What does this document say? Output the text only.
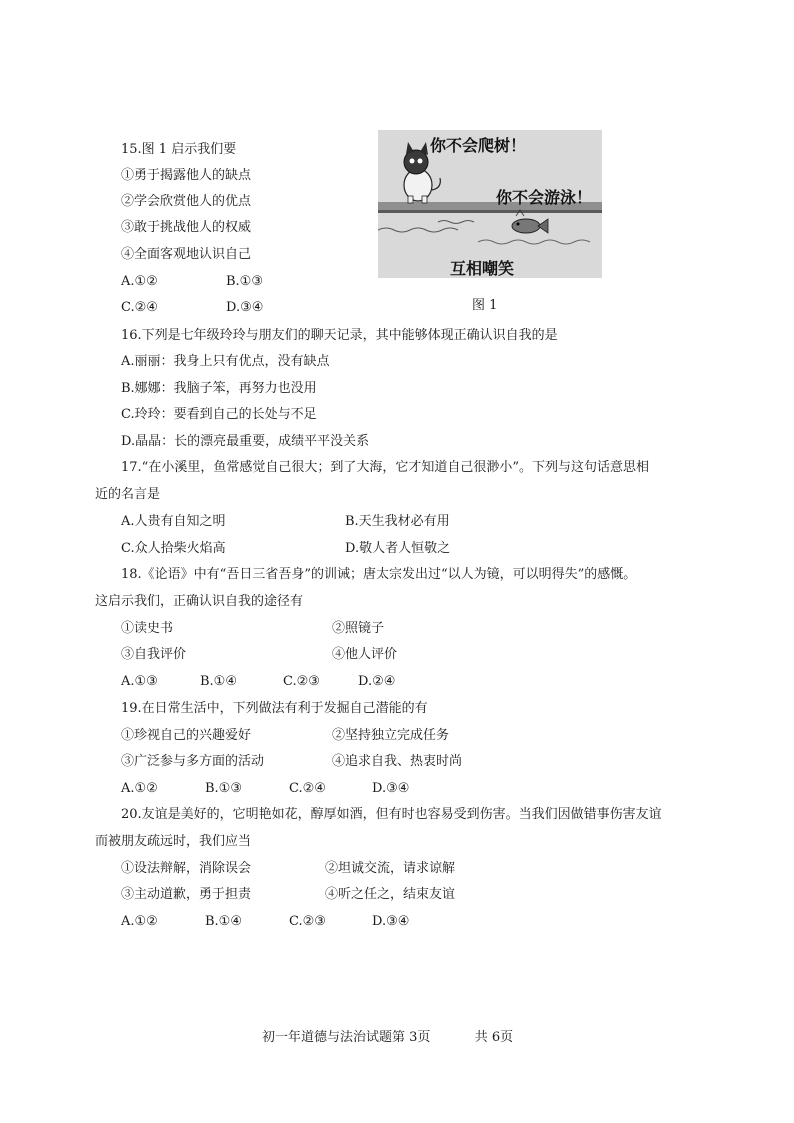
15.图 1 启示我们要
①勇于揭露他人的缺点
②学会欣赏他人的优点
③敢于挑战他人的权威
④全面客观地认识自己
A.①②	B.①③
C.②④	D.③④
你不会爬树！
你不会游泳！
互相嘲笑
图 1
16.下列是七年级玲玲与朋友们的聊天记录，其中能够体现正确认识自我的是
A.丽丽：我身上只有优点，没有缺点
B.娜娜：我脑子笨，再努力也没用
C.玲玲：要看到自己的长处与不足
D.晶晶：长的漂亮最重要，成绩平平没关系
17.“在小溪里，鱼常感觉自己很大；到了大海，它才知道自己很渺小”。下列与这句话意思相
近的名言是
A.人贵有自知之明	B.天生我材必有用
C.众人拾柴火焰高	D.敬人者人恒敬之
18.《论语》中有“吾日三省吾身”的训诫；唐太宗发出过“以人为镜，可以明得失”的感慨。
这启示我们，正确认识自我的途径有
①读史书	②照镜子
③自我评价	④他人评价
A.①③	B.①④	C.②③	D.②④
19.在日常生活中，下列做法有利于发掘自己潜能的有
①珍视自己的兴趣爱好	②坚持独立完成任务
③广泛参与多方面的活动	④追求自我、热衷时尚
A.①②	B.①③	C.②④	D.③④
20.友谊是美好的，它明艳如花，醇厚如酒，但有时也容易受到伤害。当我们因做错事伤害友谊
而被朋友疏远时，我们应当
①设法辩解，消除误会	②坦诚交流，请求谅解
③主动道歉，勇于担责	④听之任之，结束友谊
A.①②	B.①④	C.②③	D.③④
初一年道德与法治试题第 3页	共 6页
